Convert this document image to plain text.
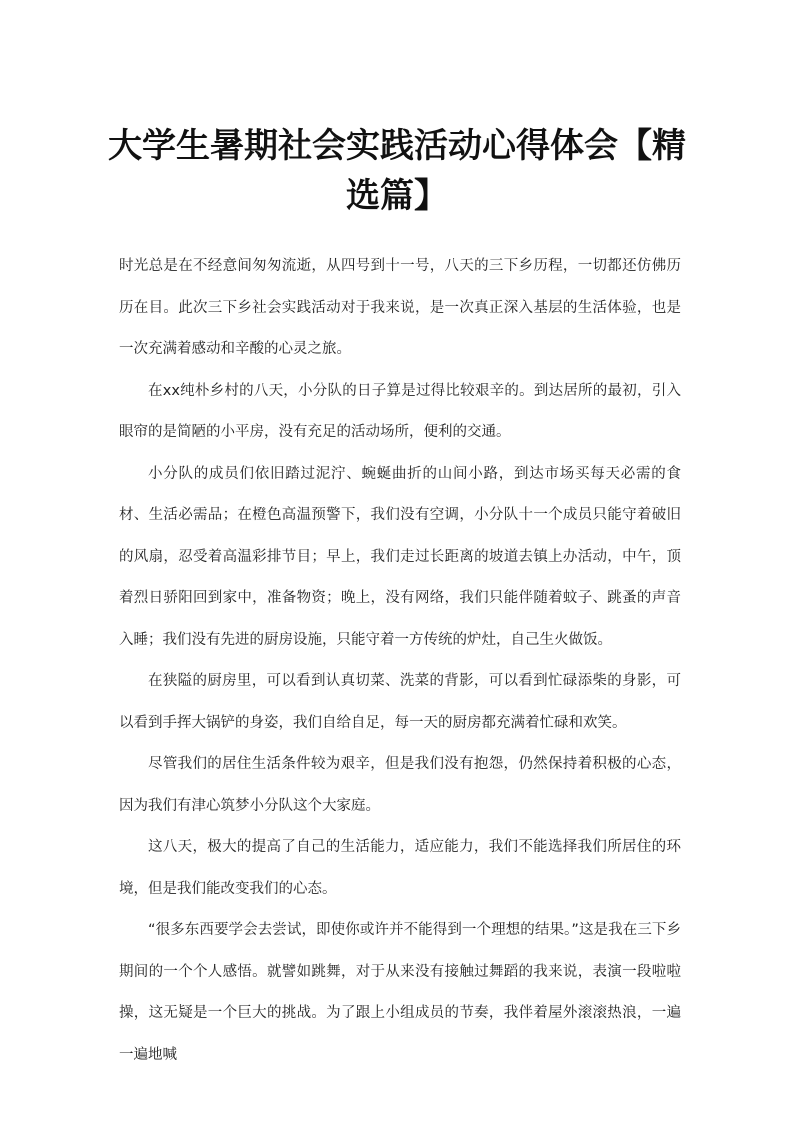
大学生暑期社会实践活动心得体会【精选篇】

时光总是在不经意间匆匆流逝，从四号到十一号，八天的三下乡历程，一切都还仿佛历历在目。此次三下乡社会实践活动对于我来说，是一次真正深入基层的生活体验，也是一次充满着感动和辛酸的心灵之旅。

在xx纯朴乡村的八天，小分队的日子算是过得比较艰辛的。到达居所的最初，引入眼帘的是简陋的小平房，没有充足的活动场所，便利的交通。

小分队的成员们依旧踏过泥泞、蜿蜒曲折的山间小路，到达市场买每天必需的食材、生活必需品；在橙色高温预警下，我们没有空调，小分队十一个成员只能守着破旧的风扇，忍受着高温彩排节目；早上，我们走过长距离的坡道去镇上办活动，中午，顶着烈日骄阳回到家中，准备物资；晚上，没有网络，我们只能伴随着蚊子、跳蚤的声音入睡；我们没有先进的厨房设施，只能守着一方传统的炉灶，自己生火做饭。

在狭隘的厨房里，可以看到认真切菜、洗菜的背影，可以看到忙碌添柴的身影，可以看到手挥大锅铲的身姿，我们自给自足，每一天的厨房都充满着忙碌和欢笑。

尽管我们的居住生活条件较为艰辛，但是我们没有抱怨，仍然保持着积极的心态，因为我们有津心筑梦小分队这个大家庭。

这八天，极大的提高了自己的生活能力，适应能力，我们不能选择我们所居住的环境，但是我们能改变我们的心态。

“很多东西要学会去尝试，即使你或许并不能得到一个理想的结果。”这是我在三下乡期间的一个个人感悟。就譬如跳舞，对于从来没有接触过舞蹈的我来说，表演一段啦啦操，这无疑是一个巨大的挑战。为了跟上小组成员的节奏，我伴着屋外滚滚热浪，一遍一遍地喊
